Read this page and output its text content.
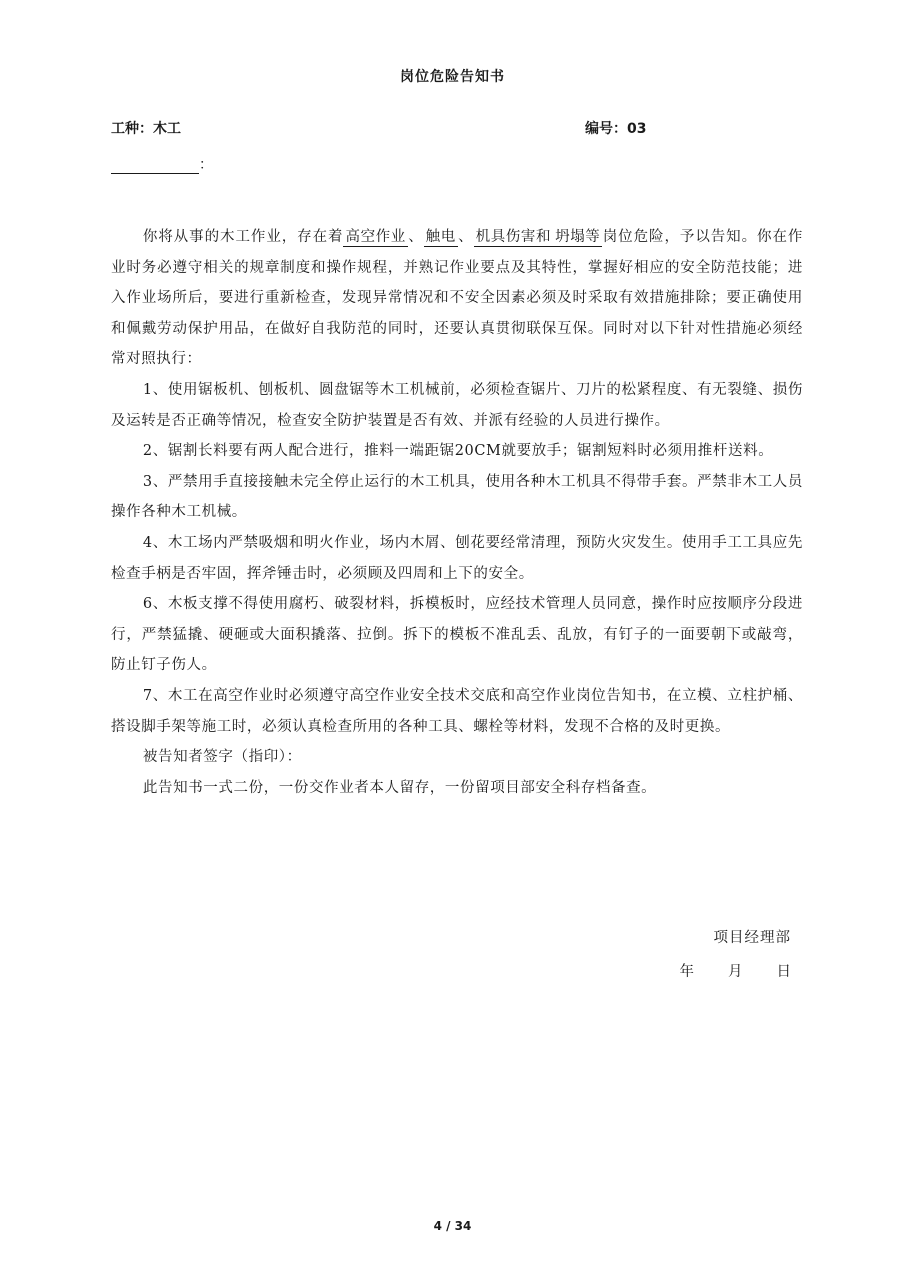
岗位危险告知书
工种：木工	编号：03
：

你将从事的木工作业，存在着 高空作业 、 触电 、 机具伤害和 坍塌等 岗位危险，予以告知。你在作业时务必遵守相关的规章制度和操作规程，并熟记作业要点及其特性，掌握好相应的安全防范技能；进入作业场所后，要进行重新检查，发现异常情况和不安全因素必须及时采取有效措施排除；要正确使用和佩戴劳动保护用品，在做好自我防范的同时，还要认真贯彻联保互保。同时对以下针对性措施必须经常对照执行：

1、使用锯板机、刨板机、圆盘锯等木工机械前，必须检查锯片、刀片的松紧程度、有无裂缝、损伤及运转是否正确等情况，检查安全防护装置是否有效、并派有经验的人员进行操作。

2、锯割长料要有两人配合进行，推料一端距锯20CM就要放手；锯割短料时必须用推杆送料。

3、严禁用手直接接触未完全停止运行的木工机具，使用各种木工机具不得带手套。严禁非木工人员操作各种木工机械。

4、木工场内严禁吸烟和明火作业，场内木屑、刨花要经常清理，预防火灾发生。使用手工工具应先检查手柄是否牢固，挥斧锤击时，必须顾及四周和上下的安全。

6、木板支撑不得使用腐朽、破裂材料，拆模板时，应经技术管理人员同意，操作时应按顺序分段进行，严禁猛撬、硬砸或大面积撬落、拉倒。拆下的模板不准乱丢、乱放，有钉子的一面要朝下或敲弯，防止钉子伤人。

7、木工在高空作业时必须遵守高空作业安全技术交底和高空作业岗位告知书，在立模、立柱护桶、搭设脚手架等施工时，必须认真检查所用的各种工具、螺栓等材料，发现不合格的及时更换。

被告知者签字（指印）：

此告知书一式二份，一份交作业者本人留存，一份留项目部安全科存档备查。

项目经理部
年 月 日
4 / 34
